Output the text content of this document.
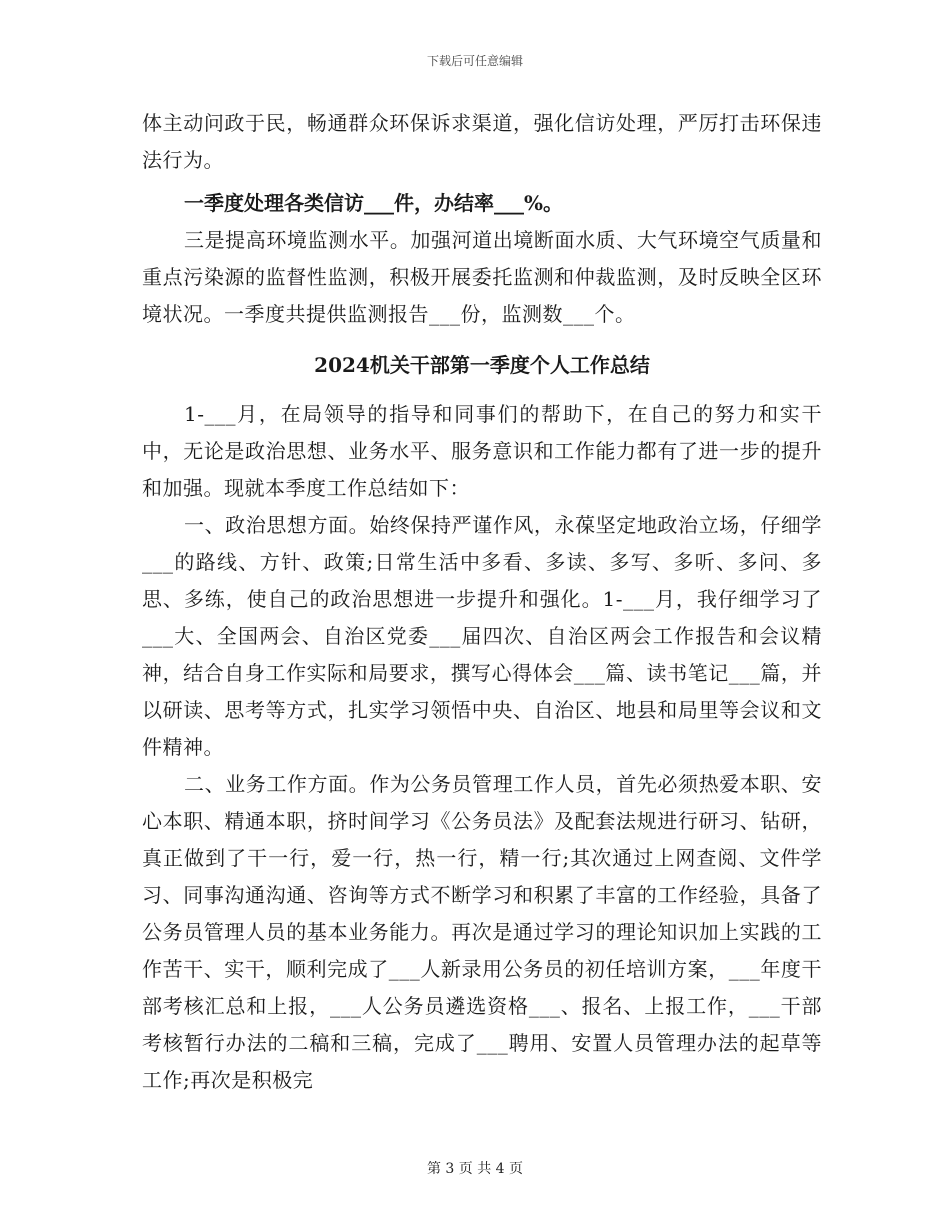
下载后可任意编辑

体主动问政于民，畅通群众环保诉求渠道，强化信访处理，严厉打击环保违法行为。

一季度处理各类信访___件，办结率___%。

三是提高环境监测水平。加强河道出境断面水质、大气环境空气质量和重点污染源的监督性监测，积极开展委托监测和仲裁监测，及时反映全区环境状况。一季度共提供监测报告___份，监测数___个。

2024机关干部第一季度个人工作总结

1-___月，在局领导的指导和同事们的帮助下，在自己的努力和实干中，无论是政治思想、业务水平、服务意识和工作能力都有了进一步的提升和加强。现就本季度工作总结如下：

一、政治思想方面。始终保持严谨作风，永葆坚定地政治立场，仔细学___的路线、方针、政策;日常生活中多看、多读、多写、多听、多问、多思、多练，使自己的政治思想进一步提升和强化。1-___月，我仔细学习了___大、全国两会、自治区党委___届四次、自治区两会工作报告和会议精神，结合自身工作实际和局要求，撰写心得体会___篇、读书笔记___篇，并以研读、思考等方式，扎实学习领悟中央、自治区、地县和局里等会议和文件精神。

二、业务工作方面。作为公务员管理工作人员，首先必须热爱本职、安心本职、精通本职，挤时间学习《公务员法》及配套法规进行研习、钻研，真正做到了干一行，爱一行，热一行，精一行;其次通过上网查阅、文件学习、同事沟通沟通、咨询等方式不断学习和积累了丰富的工作经验，具备了公务员管理人员的基本业务能力。再次是通过学习的理论知识加上实践的工作苦干、实干，顺利完成了___人新录用公务员的初任培训方案，___年度干部考核汇总和上报，___人公务员遴选资格___、报名、上报工作，___干部考核暂行办法的二稿和三稿，完成了___聘用、安置人员管理办法的起草等工作;再次是积极完

第 3 页 共 4 页
